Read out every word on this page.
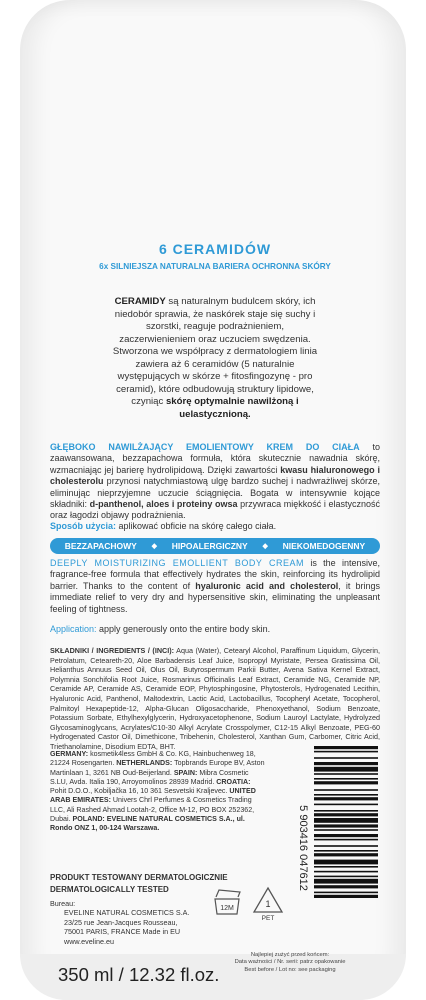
6 CERAMIDÓW
6x SILNIEJSZA NATURALNA BARIERA OCHRONNA SKÓRY
CERAMIDY są naturalnym budulcem skóry, ich niedobór sprawia, że naskórek staje się suchy i szorstki, reaguje podrażnieniem, zaczerwienieniem oraz uczuciem swędzenia. Stworzona we współpracy z dermatologiem linia zawiera aż 6 ceramidów (5 naturalnie występujących w skórze + fitosfingozynę - pro ceramid), które odbudowują struktury lipidowe, czyniąc skórę optymalnie nawilżoną i uelastycznioną.
GŁĘBOKO NAWILŻAJĄCY EMOLIENTOWY KREM DO CIAŁA to zaawansowana, bezzapachowa formuła, która skutecznie nawadnia skórę, wzmacniając jej barierę hydrolipidową. Dzięki zawartości kwasu hialuronowego i cholesterolu przynosi natychmiastową ulgę bardzo suchej i nadwrażliwej skórze, eliminując nieprzyjemne uczucie ściągnięcia. Bogata w intensywnie kojące składniki: d-panthenol, aloes i proteiny owsa przywraca miękkość i elastyczność oraz łagodzi objawy podrażnienia.
Sposób użycia: aplikować obficie na skórę całego ciała.
BEZZAPACHOWY ◆ HIPOALERGICZNY ◆ NIEKOMEDOGENNY
DEEPLY MOISTURIZING EMOLLIENT BODY CREAM is the intensive, fragrance-free formula that effectively hydrates the skin, reinforcing its hydrolipid barrier. Thanks to the content of hyaluronic acid and cholesterol, it brings immediate relief to very dry and hypersensitive skin, eliminating the unpleasant feeling of tightness.
Application: apply generously onto the entire body skin.
SKŁADNIKI / INGREDIENTS / (INCI): Aqua (Water), Cetearyl Alcohol, Paraffinum Liquidum, Glycerin, Petrolatum, Ceteareth-20, Aloe Barbadensis Leaf Juice, Isopropyl Myristate, Persea Gratissima Oil, Helianthus Annuus Seed Oil, Olus Oil, Butyrospermum Parkii Butter, Avena Sativa Kernel Extract, Polymnia Sonchifolia Root Juice, Rosmarinus Officinalis Leaf Extract, Ceramide NG, Ceramide NP, Ceramide AP, Ceramide AS, Ceramide EOP, Phytosphingosine, Phytosterols, Hydrogenated Lecithin, Hyaluronic Acid, Panthenol, Maltodextrin, Lactic Acid, Lactobacillus, Tocopheryl Acetate, Tocopherol, Palmitoyl Hexapeptide-12, Alpha-Glucan Oligosaccharide, Phenoxyethanol, Sodium Benzoate, Potassium Sorbate, Ethylhexylglycerin, Hydroxyacetophenone, Sodium Lauroyl Lactylate, Hydrolyzed Glycosaminoglycans, Acrylates/C10-30 Alkyl Acrylate Crosspolymer, C12-15 Alkyl Benzoate, PEG-60 Hydrogenated Castor Oil, Dimethicone, Tribehenin, Cholesterol, Xanthan Gum, Carbomer, Citric Acid, Triethanolamine, Disodium EDTA, BHT.
GERMANY: kosmetik4less GmbH & Co. KG, Hainbuchenweg 18, 21224 Rosengarten. NETHERLANDS: Topbrands Europe BV, Aston Martinlaan 1, 3261 NB Oud-Beijerland. SPAIN: Mibra Cosmetic S.LU, Avda. Italia 190, Arroyomolinos 28939 Madrid. CROATIA: Pohit D.O.O., Kobiljačka 16, 10 361 Sesvetski Kraljevec. UNITED ARAB EMIRATES: Univers Chrl Perfumes & Cosmetics Trading LLC, Ali Rashed Ahmad Lootah-2, Office M-12, PO BOX 252362, Dubai. POLAND: EVELINE NATURAL COSMETICS S.A., ul. Rondo ONZ 1, 00-124 Warszawa.
PRODUKT TESTOWANY DERMATOLOGICZNIE
DERMATOLOGICALLY TESTED
Bureau:
EVELINE NATURAL COSMETICS S.A.
23/25 rue Jean-Jacques Rousseau,
75001 PARIS, FRANCE Made in EU
www.eveline.eu
12M	1
PET
5 903416 047612
350 ml / 12.32 fl.oz.
Najlepiej zużyć przed końcem:
Data ważności / Nr. serii: patrz opakowanie
Best before / Lot no: see packaging
